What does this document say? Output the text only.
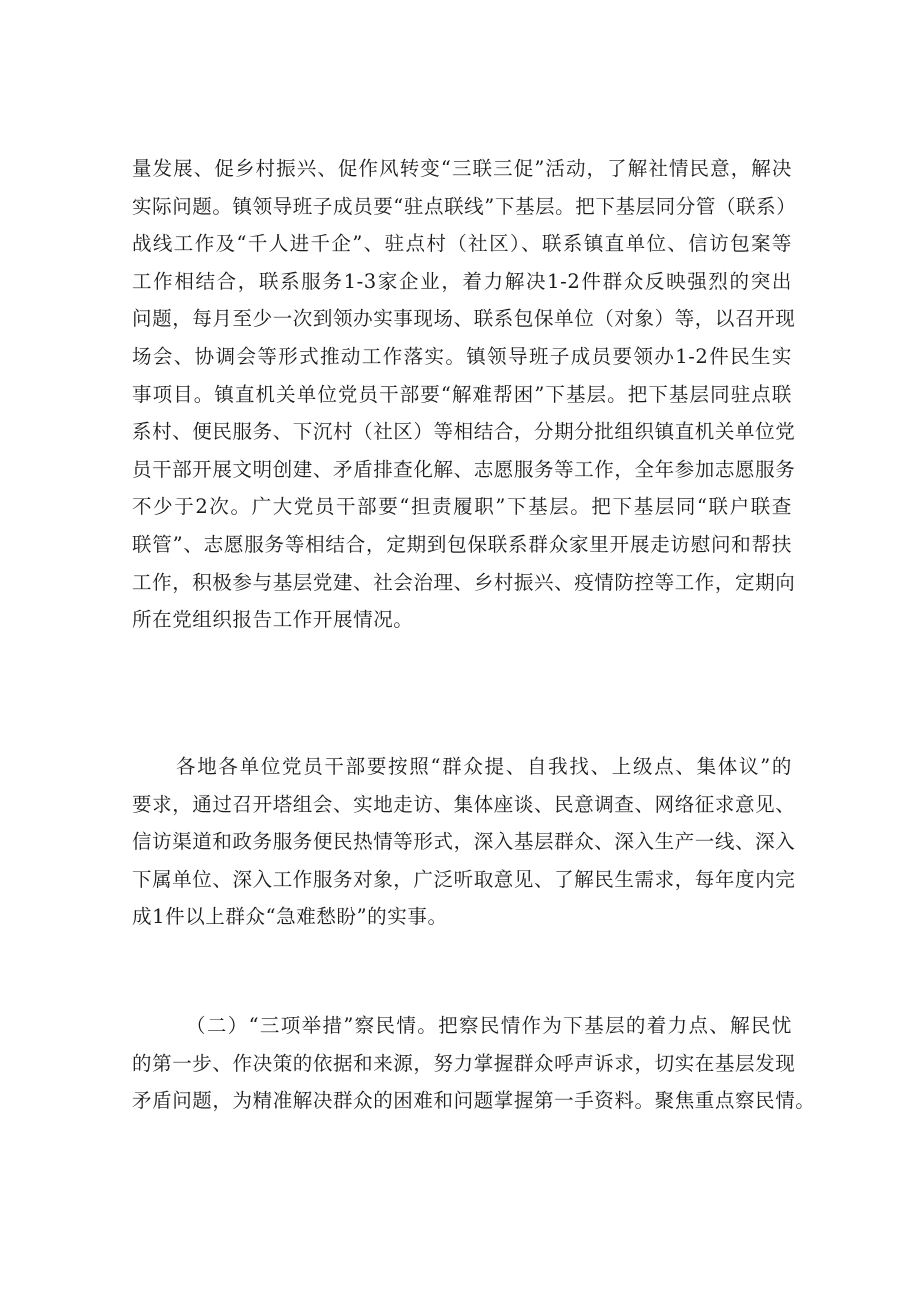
量发展、促乡村振兴、促作风转变“三联三促”活动，了解社情民意，解决
实际问题。镇领导班子成员要“驻点联线”下基层。把下基层同分管（联系）
战线工作及“千人进千企”、驻点村（社区）、联系镇直单位、信访包案等
工作相结合，联系服务1-3家企业，着力解决1-2件群众反映强烈的突出
问题，每月至少一次到领办实事现场、联系包保单位（对象）等，以召开现
场会、协调会等形式推动工作落实。镇领导班子成员要领办1-2件民生实
事项目。镇直机关单位党员干部要“解难帮困”下基层。把下基层同驻点联
系村、便民服务、下沉村（社区）等相结合，分期分批组织镇直机关单位党
员干部开展文明创建、矛盾排查化解、志愿服务等工作，全年参加志愿服务
不少于2次。广大党员干部要“担责履职”下基层。把下基层同“联户联查
联管”、志愿服务等相结合，定期到包保联系群众家里开展走访慰问和帮扶
工作，积极参与基层党建、社会治理、乡村振兴、疫情防控等工作，定期向
所在党组织报告工作开展情况。
各地各单位党员干部要按照“群众提、自我找、上级点、集体议”的
要求，通过召开塔组会、实地走访、集体座谈、民意调查、网络征求意见、
信访渠道和政务服务便民热情等形式，深入基层群众、深入生产一线、深入
下属单位、深入工作服务对象，广泛听取意见、了解民生需求，每年度内完
成1件以上群众“急难愁盼”的实事。
（二）“三项举措”察民情。把察民情作为下基层的着力点、解民忧
的第一步、作决策的依据和来源，努力掌握群众呼声诉求，切实在基层发现
矛盾问题，为精准解决群众的困难和问题掌握第一手资料。聚焦重点察民情。
